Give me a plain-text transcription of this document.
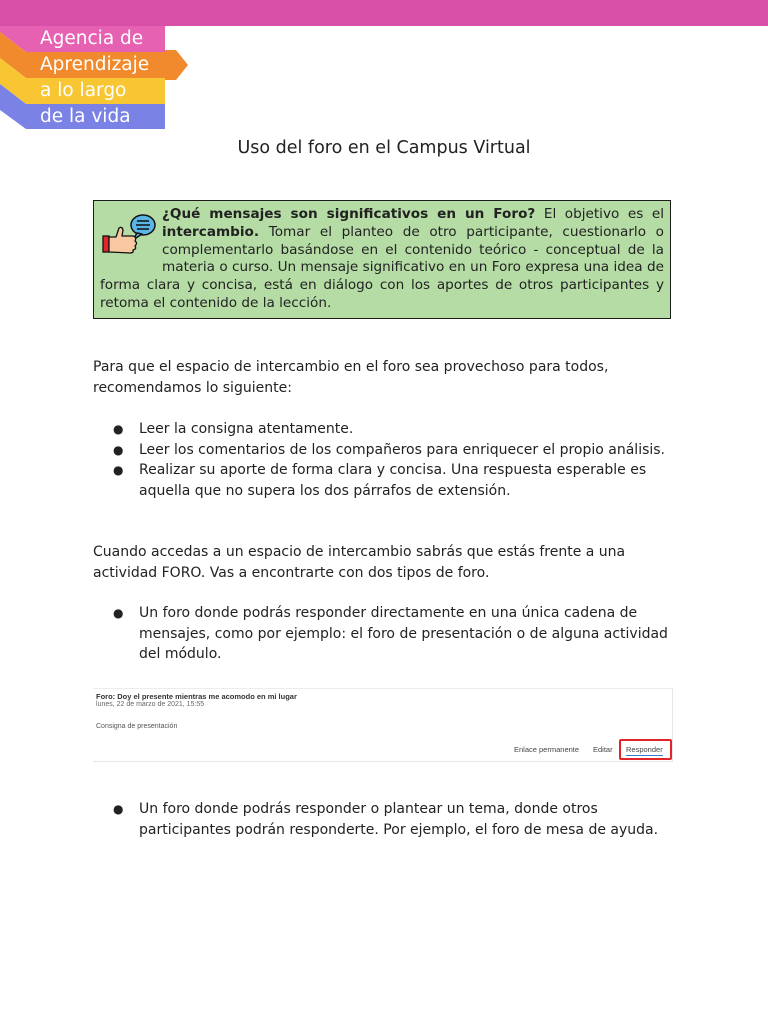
Agencia de
Aprendizaje
a lo largo
de la vida
Uso del foro en el Campus Virtual
¿Qué mensajes son significativos en un Foro? El objetivo es el intercambio. Tomar el planteo de otro participante, cuestionarlo o complementarlo basándose en el contenido teórico - conceptual de la materia o curso. Un mensaje significativo en un Foro expresa una idea de forma clara y concisa, está en diálogo con los aportes de otros participantes y retoma el contenido de la lección.
Para que el espacio de intercambio en el foro sea provechoso para todos, recomendamos lo siguiente:
● Leer la consigna atentamente.
● Leer los comentarios de los compañeros para enriquecer el propio análisis.
● Realizar su aporte de forma clara y concisa. Una respuesta esperable es aquella que no supera los dos párrafos de extensión.
Cuando accedas a un espacio de intercambio sabrás que estás frente a una actividad FORO. Vas a encontrarte con dos tipos de foro.
● Un foro donde podrás responder directamente en una única cadena de mensajes, como por ejemplo: el foro de presentación o de alguna actividad del módulo.
Foro: Doy el presente mientras me acomodo en mi lugar
lunes, 22 de marzo de 2021, 15:55
Consigna de presentación
Enlace permanente Editar Responder
● Un foro donde podrás responder o plantear un tema, donde otros participantes podrán responderte. Por ejemplo, el foro de mesa de ayuda.
